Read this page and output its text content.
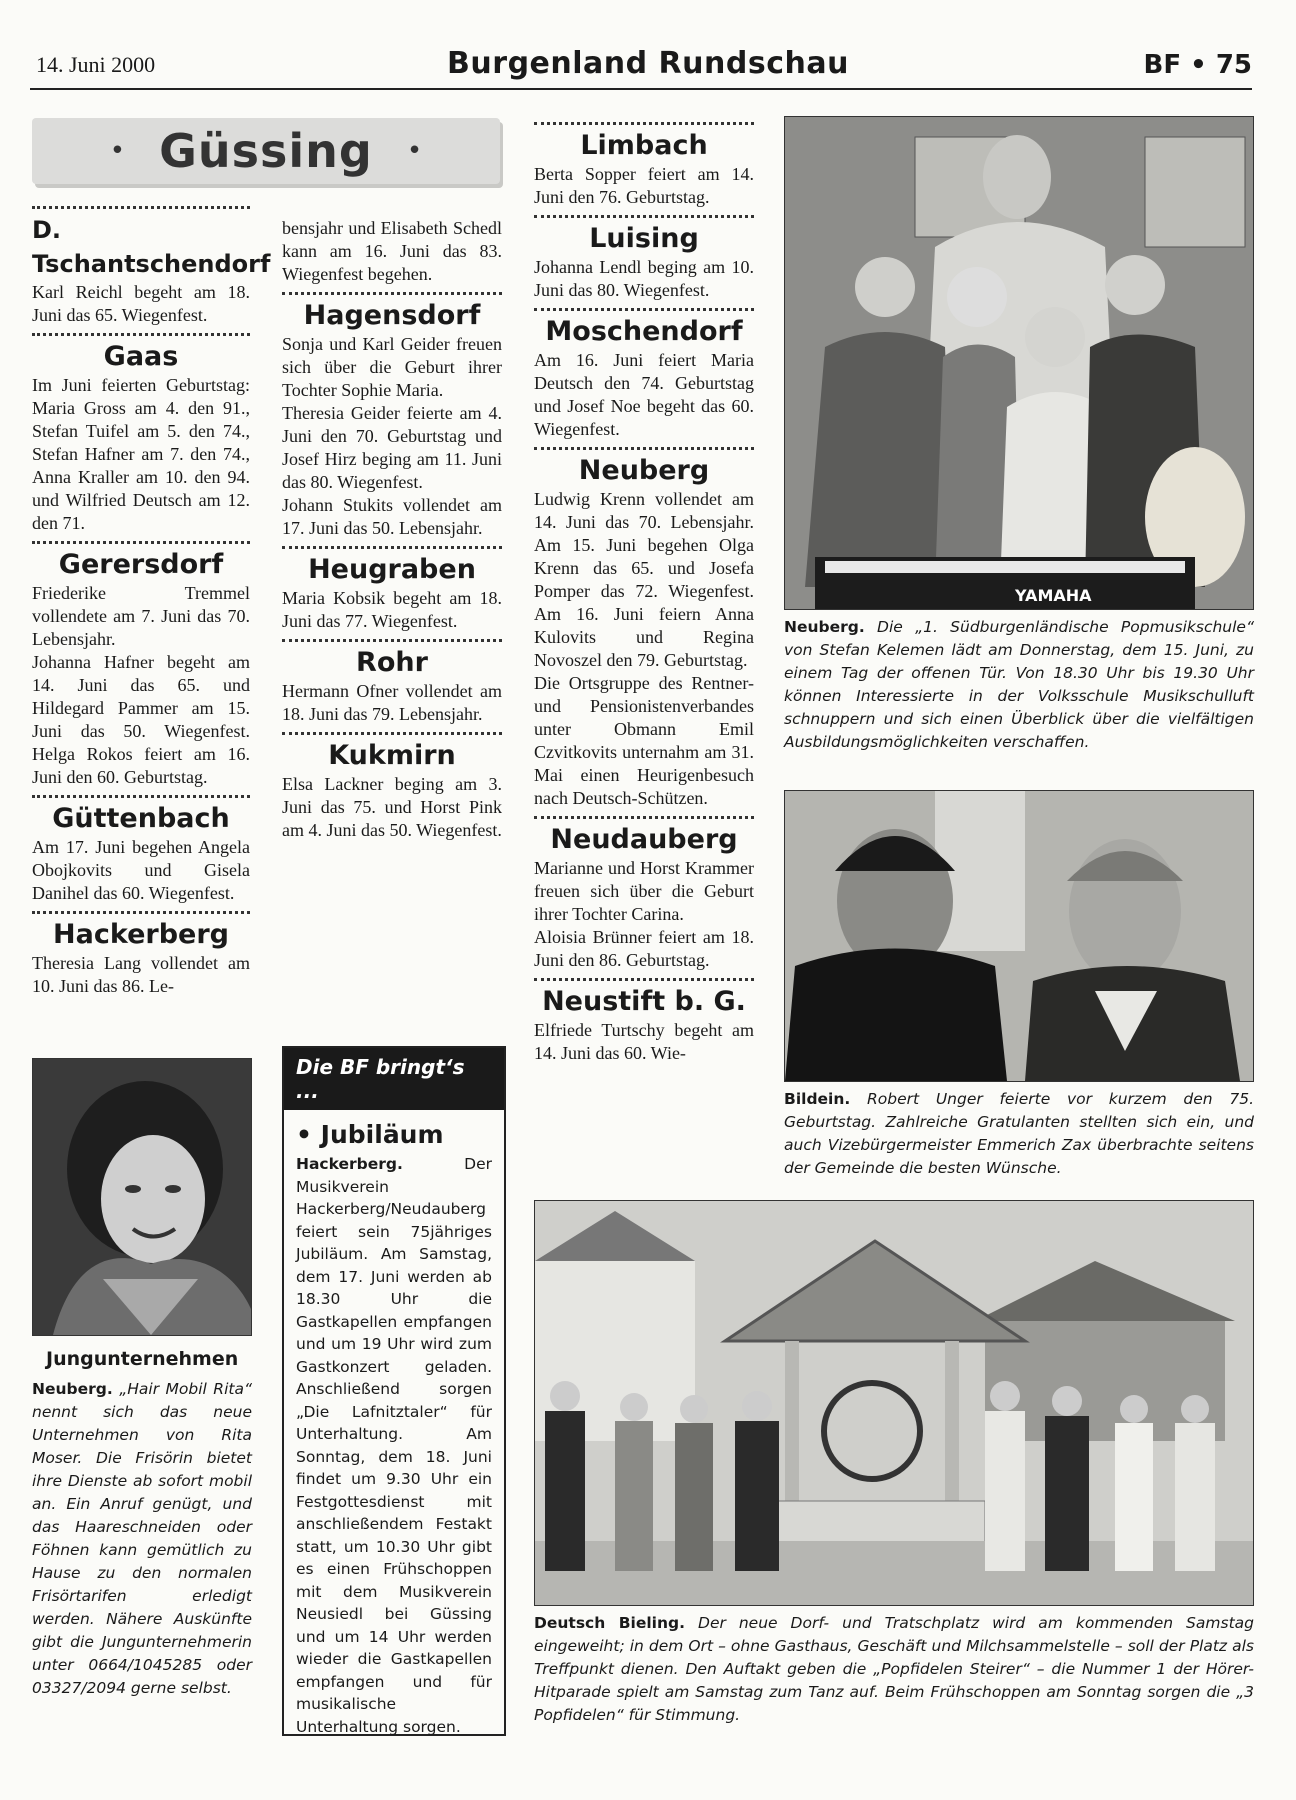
14. Juni 2000	Burgenland Rundschau	BF • 75
• Güssing •
D. Tschantschendorf
Karl Reichl begeht am 18. Juni das 65. Wiegenfest.
Gaas
Im Juni feierten Geburtstag: Maria Gross am 4. den 91., Stefan Tuifel am 5. den 74., Stefan Hafner am 7. den 74., Anna Kraller am 10. den 94. und Wilfried Deutsch am 12. den 71.
Gerersdorf
Friederike Tremmel vollendete am 7. Juni das 70. Lebensjahr.
Johanna Hafner begeht am 14. Juni das 65. und Hildegard Pammer am 15. Juni das 50. Wiegenfest. Helga Rokos feiert am 16. Juni den 60. Geburtstag.
Güttenbach
Am 17. Juni begehen Angela Obojkovits und Gisela Danihel das 60. Wiegenfest.
Hackerberg
Theresia Lang vollendet am 10. Juni das 86. Le-
Jungunternehmen
Neuberg. „Hair Mobil Rita“ nennt sich das neue Unternehmen von Rita Moser. Die Frisörin bietet ihre Dienste ab sofort mobil an. Ein Anruf genügt, und das Haareschneiden oder Föhnen kann gemütlich zu Hause zu den normalen Frisörtarifen erledigt werden. Nähere Auskünfte gibt die Jungunternehmerin unter 0664/1045285 oder 03327/2094 gerne selbst.
bensjahr und Elisabeth Schedl kann am 16. Juni das 83. Wiegenfest begehen.
Hagensdorf
Sonja und Karl Geider freuen sich über die Geburt ihrer Tochter Sophie Maria.
Theresia Geider feierte am 4. Juni den 70. Geburtstag und Josef Hirz beging am 11. Juni das 80. Wiegenfest.
Johann Stukits vollendet am 17. Juni das 50. Lebensjahr.
Heugraben
Maria Kobsik begeht am 18. Juni das 77. Wiegenfest.
Rohr
Hermann Ofner vollendet am 18. Juni das 79. Lebensjahr.
Kukmirn
Elsa Lackner beging am 3. Juni das 75. und Horst Pink am 4. Juni das 50. Wiegenfest.
Die BF bringt‘s ...
• Jubiläum
Hackerberg.	Der Musikverein Hackerberg/Neudauberg feiert sein 75jähriges Jubiläum. Am Samstag, dem 17. Juni werden ab 18.30 Uhr die Gastkapellen empfangen und um 19 Uhr wird zum Gastkonzert geladen. Anschließend sorgen „Die Lafnitztaler“ für Unterhaltung. Am Sonntag, dem 18. Juni findet um 9.30 Uhr ein Festgottesdienst mit anschließendem Festakt statt, um 10.30 Uhr gibt es einen Frühschoppen mit dem Musikverein Neusiedl bei Güssing und um 14 Uhr werden wieder die Gastkapellen empfangen und für musikalische Unterhaltung sorgen.
Limbach
Berta Sopper feiert am 14. Juni den 76. Geburtstag.
Luising
Johanna Lendl beging am 10. Juni das 80. Wiegenfest.
Moschendorf
Am 16. Juni feiert Maria Deutsch den 74. Geburtstag und Josef Noe begeht das 60. Wiegenfest.
Neuberg
Ludwig Krenn vollendet am 14. Juni das 70. Lebensjahr. Am 15. Juni begehen Olga Krenn das 65. und Josefa Pomper das 72. Wiegenfest. Am 16. Juni feiern Anna Kulovits und Regina Novoszel den 79. Geburtstag.
Die Ortsgruppe des Rentner- und Pensionistenverbandes unter Obmann Emil Czvitkovits unternahm am 31. Mai einen Heurigenbesuch nach Deutsch-Schützen.
Neudauberg
Marianne und Horst Krammer freuen sich über die Geburt ihrer Tochter Carina.
Aloisia Brünner feiert am 18. Juni den 86. Geburtstag.
Neustift b. G.
Elfriede Turtschy begeht am 14. Juni das 60. Wie-
YAMAHA
Neuberg. Die „1. Südburgenländische Popmusikschule“ von Stefan Kelemen lädt am Donnerstag, dem 15. Juni, zu einem Tag der offenen Tür. Von 18.30 Uhr bis 19.30 Uhr können Interessierte in der Volksschule Musikschulluft schnuppern und sich einen Überblick über die vielfältigen Ausbildungsmöglichkeiten verschaffen.
Bildein. Robert Unger feierte vor kurzem den 75. Geburtstag. Zahlreiche Gratulanten stellten sich ein, und auch Vizebürgermeister Emmerich Zax überbrachte seitens der Gemeinde die besten Wünsche.
Deutsch Bieling. Der neue Dorf- und Tratschplatz wird am kommenden Samstag eingeweiht; in dem Ort – ohne Gasthaus, Geschäft und Milchsammelstelle – soll der Platz als Treffpunkt dienen. Den Auftakt geben die „Popfidelen Steirer“ – die Nummer 1 der Hörer-Hitparade spielt am Samstag zum Tanz auf. Beim Frühschoppen am Sonntag sorgen die „3 Popfidelen“ für Stimmung.
